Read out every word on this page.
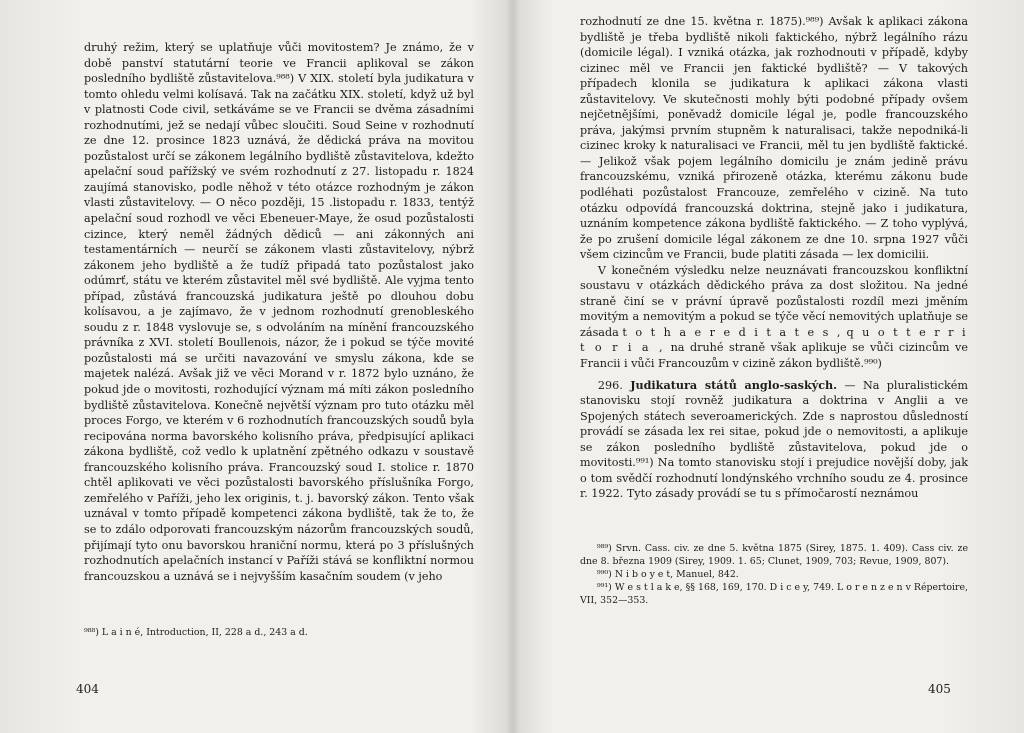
druhý režim, který se uplatňuje vůči movitostem? Je známo, že v době panství statutární teorie ve Francii aplikoval se zákon posledního bydliště zůstavitelova.⁹⁸⁸) V XIX. století byla judikatura v tomto ohledu velmi kolísavá. Tak na začátku XIX. století, když už byl v platnosti Code civil, setkáváme se ve Francii se dvěma zásadními rozhodnutími, jež se nedají vůbec sloučiti. Soud Seine v rozhodnutí ze dne 12. prosince 1823 uznává, že dědická práva na movitou pozůstalost určí se zákonem legálního bydliště zůstavitelova, kdežto apelační soud pařížský ve svém rozhodnutí z 27. listopadu r. 1824 zaujímá stanovisko, podle něhož v této otázce rozhodným je zákon vlasti zůstavitelovy. — O něco později, 15 .listopadu r. 1833, tentýž apelační soud rozhodl ve věci Ebeneuer-Maye, že osud pozůstalosti cizince, který neměl žádných dědiců — ani zákonných ani testamentárních — neurčí se zákonem vlasti zůstavitelovy, nýbrž zákonem jeho bydliště a že tudíž připadá tato pozůstalost jako odúmrť, státu ve kterém zůstavitel měl své bydliště. Ale vyjma tento případ, zůstává francouzská judikatura ještě po dlouhou dobu kolísavou, a je zajímavo, že v jednom rozhodnutí grenobleského soudu z r. 1848 vyslovuje se, s odvoláním na mínění francouzského právníka z XVI. století Boullenois, názor, že i pokud se týče movité pozůstalosti má se určiti navazování ve smyslu zákona, kde se majetek nalézá. Avšak již ve věci Morand v r. 1872 bylo uznáno, že pokud jde o movitosti, rozhodující význam má míti zákon posledního bydliště zůstavitelova. Konečně největší význam pro tuto otázku měl proces Forgo, ve kterém v 6 rozhodnutích francouzských soudů byla recipována norma bavorského kolisního práva, předpisující aplikaci zákona bydliště, což vedlo k uplatnění zpětného odkazu v soustavě francouzského kolisního práva. Francouzský soud I. stolice r. 1870 chtěl aplikovati ve věci pozůstalosti bavorského příslušníka Forgo, zemřelého v Paříži, jeho lex originis, t. j. bavorský zákon. Tento však uznával v tomto případě kompetenci zákona bydliště, tak že to, že se to zdálo odporovati francouzským názorům francouzských soudů, přijímají tyto onu bavorskou hraniční normu, která po 3 příslušných rozhodnutích apelačních instancí v Paříži stává se konfliktní normou francouzskou a uznává se i nejvyšším kasačním soudem (v jeho

⁹⁸⁸) L a i n é, Introduction, II, 228 a d., 243 a d.

404

rozhodnutí ze dne 15. května r. 1875).⁹⁸⁹) Avšak k aplikaci zákona bydliště je třeba bydliště nikoli faktického, nýbrž legálního rázu (domicile légal). I vzniká otázka, jak rozhodnouti v případě, kdyby cizinec měl ve Francii jen faktické bydliště? — V takových případech klonila se judikatura k aplikaci zákona vlasti zůstavitelovy. Ve skutečnosti mohly býti podobné případy ovšem nejčetnějšími, poněvadž domicile légal je, podle francouzského práva, jakýmsi prvním stupněm k naturalisaci, takže nepodniká-li cizinec kroky k naturalisaci ve Francii, měl tu jen bydliště faktické. — Jelikož však pojem legálního domicilu je znám jedině právu francouzskému, vzniká přirozeně otázka, kterému zákonu bude podléhati pozůstalost Francouze, zemřelého v cizině. Na tuto otázku odpovídá francouzská doktrina, stejně jako i judikatura, uznáním kompetence zákona bydliště faktického. — Z toho vyplývá, že po zrušení domicile légal zákonem ze dne 10. srpna 1927 vůči všem cizincům ve Francii, bude platiti zásada — lex domicilii.

V konečném výsledku nelze neuznávati francouzskou konfliktní soustavu v otázkách dědického práva za dost složitou. Na jedné straně činí se v právní úpravě pozůstalosti rozdíl mezi jměním movitým a nemovitým a pokud se týče věcí nemovitých uplatňuje se zásada t o t h a e r e d i t a t e s , q u o t t e r r i t o r i a , na druhé straně však aplikuje se vůči cizincům ve Francii i vůči Francouzům v cizině zákon bydliště.⁹⁹⁰)

296. Judikatura států anglo-saských. — Na pluralistickém stanovisku stojí rovněž judikatura a doktrina v Anglii a ve Spojených státech severoamerických. Zde s naprostou důsledností provádí se zásada lex rei sitae, pokud jde o nemovitosti, a aplikuje se zákon posledního bydliště zůstavitelova, pokud jde o movitosti.⁹⁹¹) Na tomto stanovisku stojí i prejudice novější doby, jak o tom svědčí rozhodnutí londýnského vrchního soudu ze 4. prosince r. 1922. Tyto zásady provádí se tu s přímočarostí neznámou

⁹⁸⁹) Srvn. Cass. civ. ze dne 5. května 1875 (Sirey, 1875. 1. 409). Cass civ. ze dne 8. března 1909 (Sirey, 1909. 1. 65; Clunet, 1909, 703; Revue, 1909, 807).

⁹⁹⁰) N i b o y e t, Manuel, 842.

⁹⁹¹) W e s t l a k e, §§ 168, 169, 170. D i c e y, 749. L o r e n z e n v Répertoire, VII, 352—353.

405
